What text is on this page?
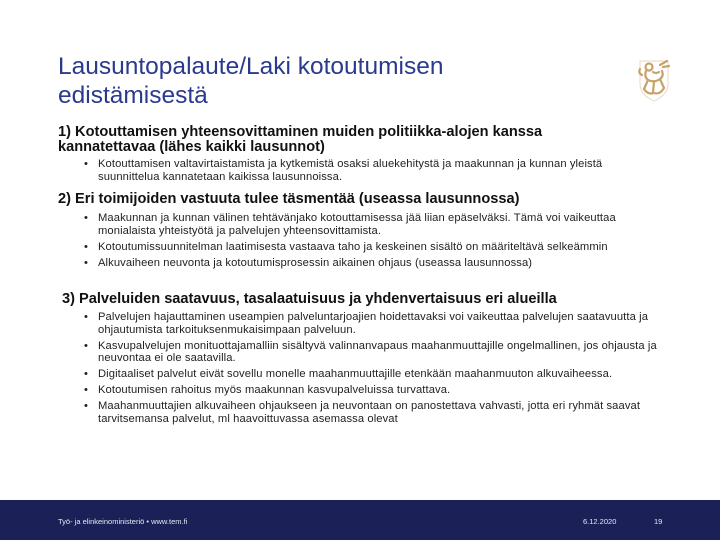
Lausuntopalaute/Laki kotoutumisen edistämisestä
1) Kotouttamisen yhteensovittaminen muiden politiikka-alojen kanssa kannatettavaa (lähes kaikki lausunnot)
• Kotouttamisen valtavirtaistamista ja kytkemistä osaksi aluekehitystä ja maakunnan ja kunnan yleistä suunnittelua kannatetaan kaikissa lausunnoissa.
2) Eri toimijoiden vastuuta tulee täsmentää (useassa lausunnossa)
• Maakunnan ja kunnan välinen tehtävänjako kotouttamisessa jää liian epäselväksi. Tämä voi vaikeuttaa monialaista yhteistyötä ja palvelujen yhteensovittamista.
• Kotoutumissuunnitelman laatimisesta vastaava taho ja keskeinen sisältö on määriteltävä selkeämmin
• Alkuvaiheen neuvonta ja kotoutumisprosessin aikainen ohjaus (useassa lausunnossa)
3) Palveluiden saatavuus, tasalaatuisuus ja yhdenvertaisuus eri alueilla
• Palvelujen hajauttaminen useampien palveluntarjoajien hoidettavaksi voi vaikeuttaa palvelujen saatavuutta ja ohjautumista tarkoituksenmukaisimpaan palveluun.
• Kasvupalvelujen monituottajamalliin sisältyvä valinnanvapaus maahanmuuttajille ongelmallinen, jos ohjausta ja neuvontaa ei ole saatavilla.
• Digitaaliset palvelut eivät sovellu monelle maahanmuuttajille etenkään maahanmuuton alkuvaiheessa.
• Kotoutumisen rahoitus myös maakunnan kasvupalveluissa turvattava.
• Maahanmuuttajien alkuvaiheen ohjaukseen ja neuvontaan on panostettava vahvasti, jotta eri ryhmät saavat tarvitsemansa palvelut, ml haavoittuvassa asemassa olevat
Työ- ja elinkeinoministeriö • www.tem.fi	6.12.2020	19
